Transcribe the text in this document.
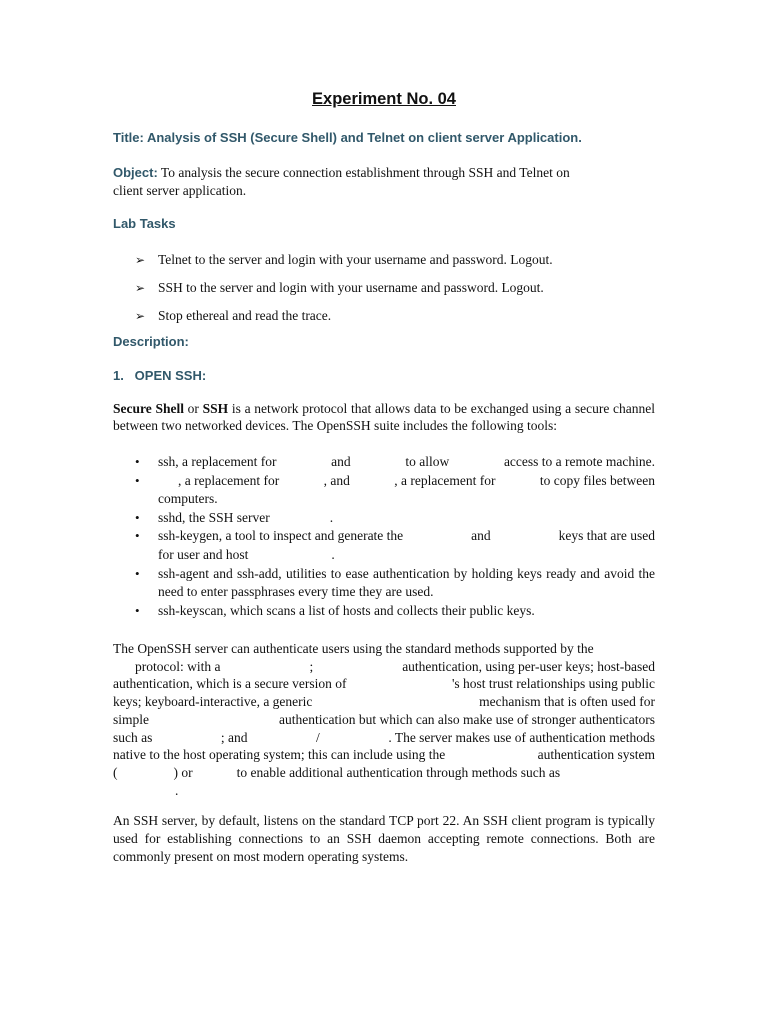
Experiment No. 04
Title: Analysis of SSH (Secure Shell) and Telnet on client server Application.
Object: To analysis the secure connection establishment through SSH and Telnet on
client server application.
Lab Tasks
➢ Telnet to the server and login with your username and password. Logout.
➢ SSH to the server and login with your username and password. Logout.
➢ Stop ethereal and read the trace.
Description:
1.   OPEN SSH:
Secure Shell or SSH is a network protocol that allows data to be exchanged using a secure channel between two networked devices. The OpenSSH suite includes the following tools:
• ssh, a replacement for	and	to allow	access to a remote machine.
•	, a replacement for	, and	, a replacement for	to copy files between
computers.
• sshd, the SSH server	.
• ssh-keygen, a tool to inspect and generate the	and	keys that are used
for user and host	.
• ssh-agent and ssh-add, utilities to ease authentication by holding keys ready and avoid the need to enter passphrases every time they are used.
• ssh-keyscan, which scans a list of hosts and collects their public keys.
The OpenSSH server can authenticate users using the standard methods supported by the
protocol: with a	;	authentication, using per-user keys; host-based
authentication, which is a secure version of	's host trust relationships using public
keys; keyboard-interactive, a generic	mechanism that is often used for
simple	authentication but which can also make use of stronger authenticators
such as	; and	/	. The server makes use of authentication methods
native to the host operating system; this can include using the	authentication system
(	) or	to enable additional authentication through methods such as
.
An SSH server, by default, listens on the standard TCP port 22. An SSH client program is typically used for establishing connections to an SSH daemon accepting remote connections. Both are commonly present on most modern operating systems.
